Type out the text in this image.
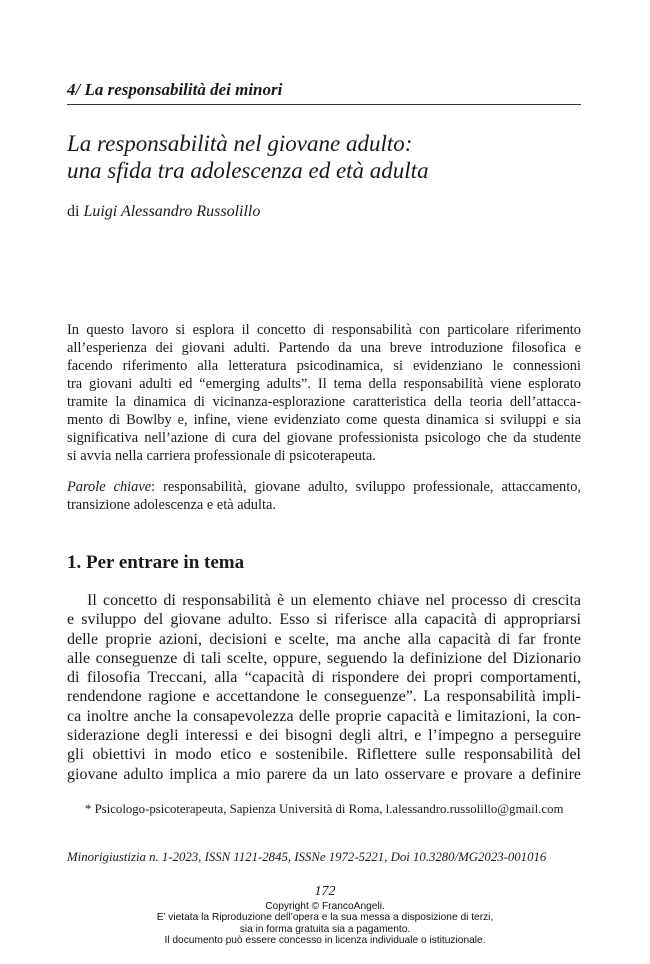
4/ La responsabilità dei minori
La responsabilità nel giovane adulto:
una sfida tra adolescenza ed età adulta
di Luigi Alessandro Russolillo
In questo lavoro si esplora il concetto di responsabilità con particolare riferimento
all’esperienza dei giovani adulti. Partendo da una breve introduzione filosofica e
facendo riferimento alla letteratura psicodinamica, si evidenziano le connessioni
tra giovani adulti ed “emerging adults”. Il tema della responsabilità viene esplorato
tramite la dinamica di vicinanza-esplorazione caratteristica della teoria dell’attacca-
mento di Bowlby e, infine, viene evidenziato come questa dinamica si sviluppi e sia
significativa nell’azione di cura del giovane professionista psicologo che da studente
si avvia nella carriera professionale di psicoterapeuta.
Parole chiave: responsabilità, giovane adulto, sviluppo professionale, attaccamento,
transizione adolescenza e età adulta.
1. Per entrare in tema
Il concetto di responsabilità è un elemento chiave nel processo di crescita
e sviluppo del giovane adulto. Esso si riferisce alla capacità di appropriarsi
delle proprie azioni, decisioni e scelte, ma anche alla capacità di far fronte
alle conseguenze di tali scelte, oppure, seguendo la definizione del Dizionario
di filosofia Treccani, alla “capacità di rispondere dei propri comportamenti,
rendendone ragione e accettandone le conseguenze”. La responsabilità impli-
ca inoltre anche la consapevolezza delle proprie capacità e limitazioni, la con-
siderazione degli interessi e dei bisogni degli altri, e l’impegno a perseguire
gli obiettivi in modo etico e sostenibile. Riflettere sulle responsabilità del
giovane adulto implica a mio parere da un lato osservare e provare a definire
* Psicologo-psicoterapeuta, Sapienza Università di Roma, l.alessandro.russolillo@gmail.com
Minorigiustizia n. 1-2023, ISSN 1121-2845, ISSNe 1972-5221, Doi 10.3280/MG2023-001016
172
Copyright © FrancoAngeli.
E’ vietata la Riproduzione dell’opera e la sua messa a disposizione di terzi,
sia in forma gratuita sia a pagamento.
Il documento può essere concesso in licenza individuale o istituzionale.
